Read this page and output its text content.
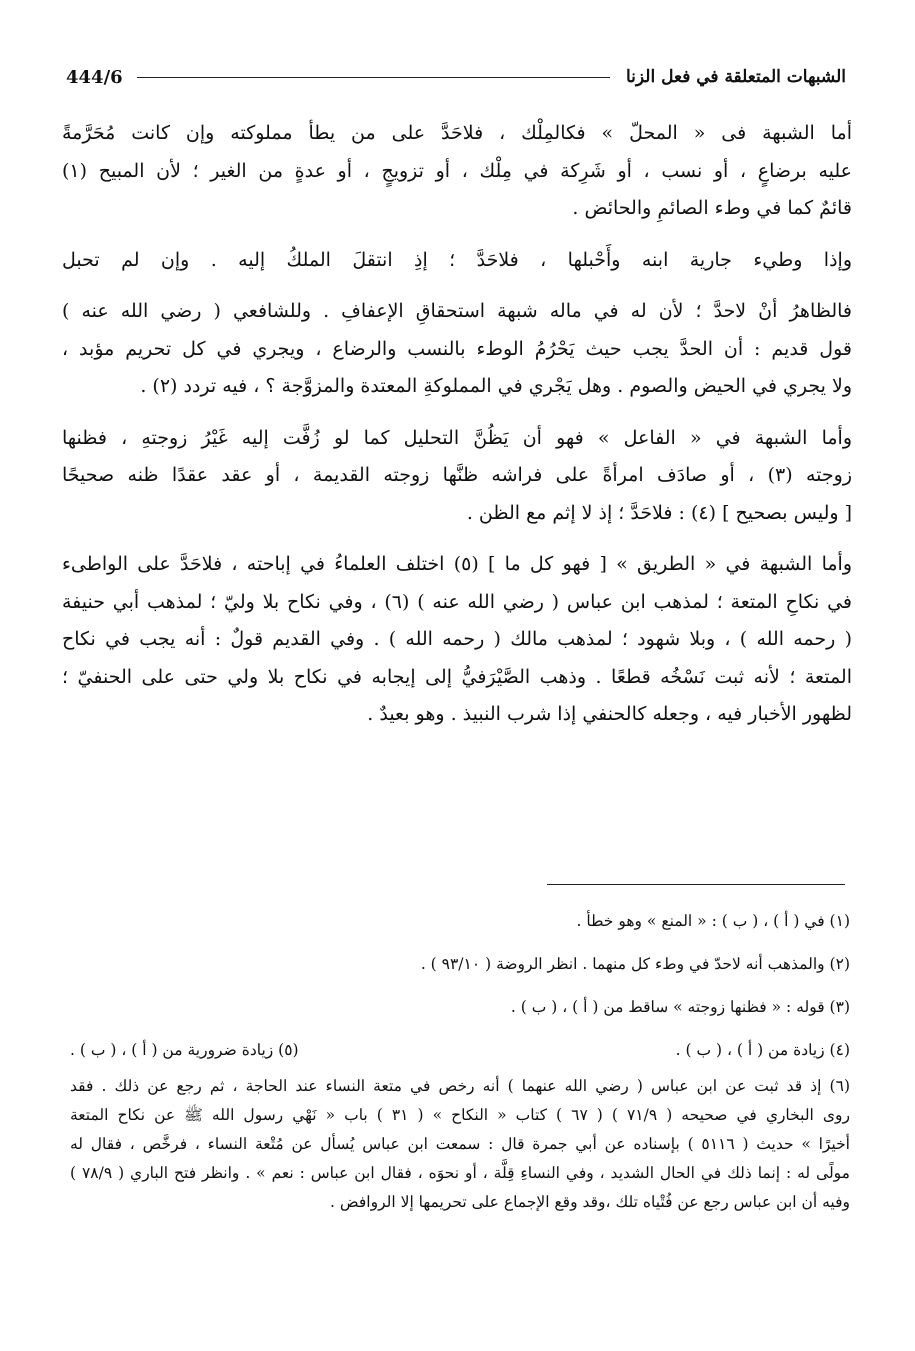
الشبهات المتعلقة في فعل الزنا
444/6
أما الشبهة فى « المحلّ » فكالمِلْك ، فلاحَدَّ على من يطأ مملوكته وإن كانت مُحَرَّمةً
عليه برضاعٍ ، أو نسب ، أو شَرِكة في مِلْك ، أو تزويجٍ ، أو عدةٍ من الغير ؛ لأن المبيح (١)
قائمٌ كما في وطء الصائمِ والحائض .
وإذا وطيء جارية ابنه وأَحْبلها ، فلاحَدَّ ؛ إذِ انتقلَ الملكُ إليه . وإن لم تحبل
فالظاهرُ أنْ لاحدَّ ؛ لأن له في ماله شبهة استحقاقِ الإعفافِ . وللشافعي ( رضي الله عنه )
قول قديم : أن الحدَّ يجب حيث يَحْرُمُ الوطء بالنسب والرضاع ، ويجري في كل تحريم مؤبد ،
ولا يجري في الحيض والصوم . وهل يَجْري في المملوكةِ المعتدة والمزوَّجة ؟ ، فيه تردد (٢) .
وأما الشبهة في « الفاعل » فهو أن يَظُنَّ التحليل كما لو زُفَّت إليه غَيْرُ زوجتهِ ، فظنها
زوجته (٣) ، أو صادَف امرأةً على فراشه ظنَّها زوجته القديمة ، أو عقد عقدًا ظنه صحيحًا
[ وليس بصحيح ] (٤) : فلاحَدَّ ؛ إذ لا إثم مع الظن .
وأما الشبهة في « الطريق » [ فهو كل ما ] (٥) اختلف العلماءُ في إباحته ، فلاحَدَّ على الواطىء
في نكاحِ المتعة ؛ لمذهب ابن عباس ( رضي الله عنه ) (٦) ، وفي نكاح بلا وليّ ؛ لمذهب أبي حنيفة
( رحمه الله ) ، وبلا شهود ؛ لمذهب مالك ( رحمه الله ) . وفي القديم قولٌ : أنه يجب في نكاح
المتعة ؛ لأنه ثبت نَسْخُه قطعًا . وذهب الصَّيْرَفيُّ إلى إيجابه في نكاح بلا ولي حتى على الحنفيّ ؛
لظهور الأخبار فيه ، وجعله كالحنفي إذا شرب النبيذ . وهو بعيدٌ .
(١) في ( أ ) ، ( ب ) : « المنع » وهو خطأ .
(٢) والمذهب أنه لاحدّ في وطء كل منهما . انظر الروضة ( ٩٣/١٠ ) .
(٣) قوله : « فظنها زوجته » ساقط من ( أ ) ، ( ب ) .
(٤) زيادة من ( أ ) ، ( ب ) .
(٥) زيادة ضرورية من ( أ ) ، ( ب ) .
(٦) إذ قد ثبت عن ابن عباس ( رضي الله عنهما ) أنه رخص في متعة النساء عند الحاجة ، ثم رجع عن ذلك . فقد
روى البخاري في صحيحه ( ٧١/٩ ) ( ٦٧ ) كتاب « النكاح » ( ٣١ ) باب « نَهْي رسول الله ﷺ عن نكاح المتعة
أخيرًا » حديث ( ٥١١٦ ) بإسناده عن أبي جمرة قال : سمعت ابن عباس يُسأل عن مُتْعة النساء ، فرخَّص ، فقال له
مولًى له : إنما ذلك في الحال الشديد ، وفي النساءِ قِلَّة ، أو نحوَه ، فقال ابن عباس : نعم » . وانظر فتح الباري ( ٧٨/٩ )
وفيه أن ابن عباس رجع عن فُتْياه تلك ،وقد وقع الإجماع على تحريمها إلا الروافض .
